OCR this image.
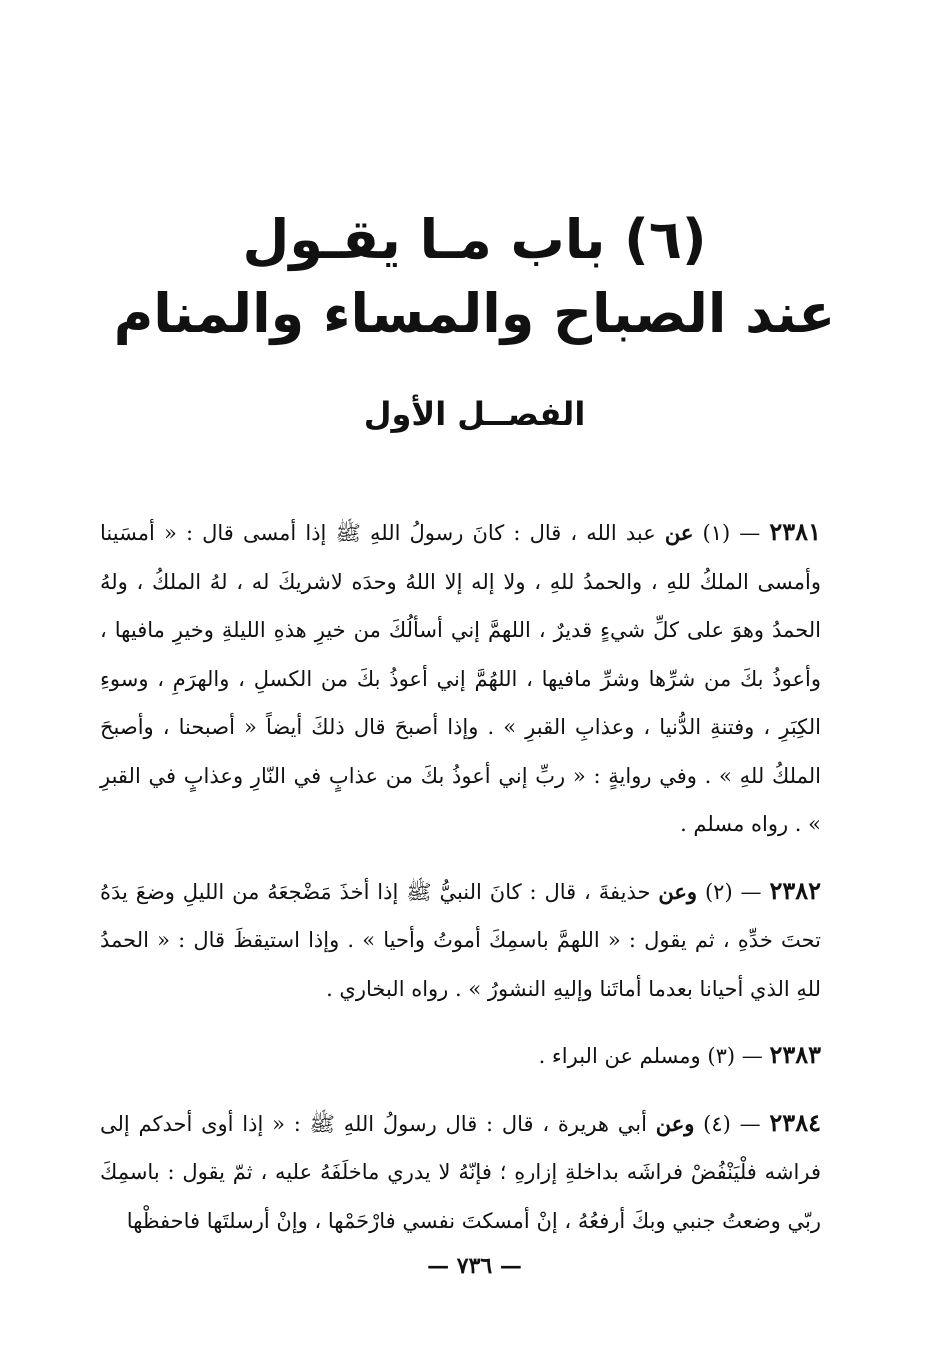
(٦) باب مـا يقـول
عند الصباح والمساء والمنام
الفصــل الأول

٢٣٨١ — (١) عن عبد الله ، قال : كانَ رسولُ اللهِ ﷺ إذا أمسى قال : « أمسَينا وأمسى الملكُ للهِ ، والحمدُ للهِ ، ولا إله إلا اللهُ وحدَه لاشريكَ له ، لهُ الملكُ ، ولهُ الحمدُ وهوَ على كلِّ شيءٍ قديرٌ ، اللهمَّ إني أسألُكَ من خيرِ هذهِ الليلةِ وخيرِ مافيها ، وأعوذُ بكَ من شرِّها وشرِّ مافيها ، اللهُمَّ إني أعوذُ بكَ من الكسلِ ، والهرَمِ ، وسوءِ الكِبَرِ ، وفتنةِ الدُّنيا ، وعذابِ القبرِ » . وإذا أصبحَ قال ذلكَ أيضاً « أصبحنا ، وأصبحَ الملكُ للهِ » . وفي روايةٍ : « ربِّ إني أعوذُ بكَ من عذابٍ في النّارِ وعذابٍ في القبرِ » . رواه مسلم .

٢٣٨٢ — (٢) وعن حذيفةَ ، قال : كانَ النبيُّ ﷺ إذا أخذَ مَضْجعَهُ من الليلِ وضعَ يدَهُ تحتَ خدِّهِ ، ثم يقول : « اللهمَّ باسمِكَ أموتُ وأحيا » . وإذا استيقظَ قال : « الحمدُ للهِ الذي أحيانا بعدما أماتَنا وإليهِ النشورُ » . رواه البخاري .

٢٣٨٣ — (٣) ومسلم عن البراء .

٢٣٨٤ — (٤) وعن أبي هريرة ، قال : قال رسولُ اللهِ ﷺ : « إذا أوى أحدكم إلى فراشه فلْيَنْفُضْ فراشَه بداخلةِ إزارهِ ؛ فإنّهُ لا يدري ماخلَفَهُ عليه ، ثمّ يقول : باسمِكَ ربّي وضعتُ جنبي وبكَ أرفعُهُ ، إنْ أمسكتَ نفسي فارْحَمْها ، وإنْ أرسلتَها فاحفظْها

— ٧٣٦ —
